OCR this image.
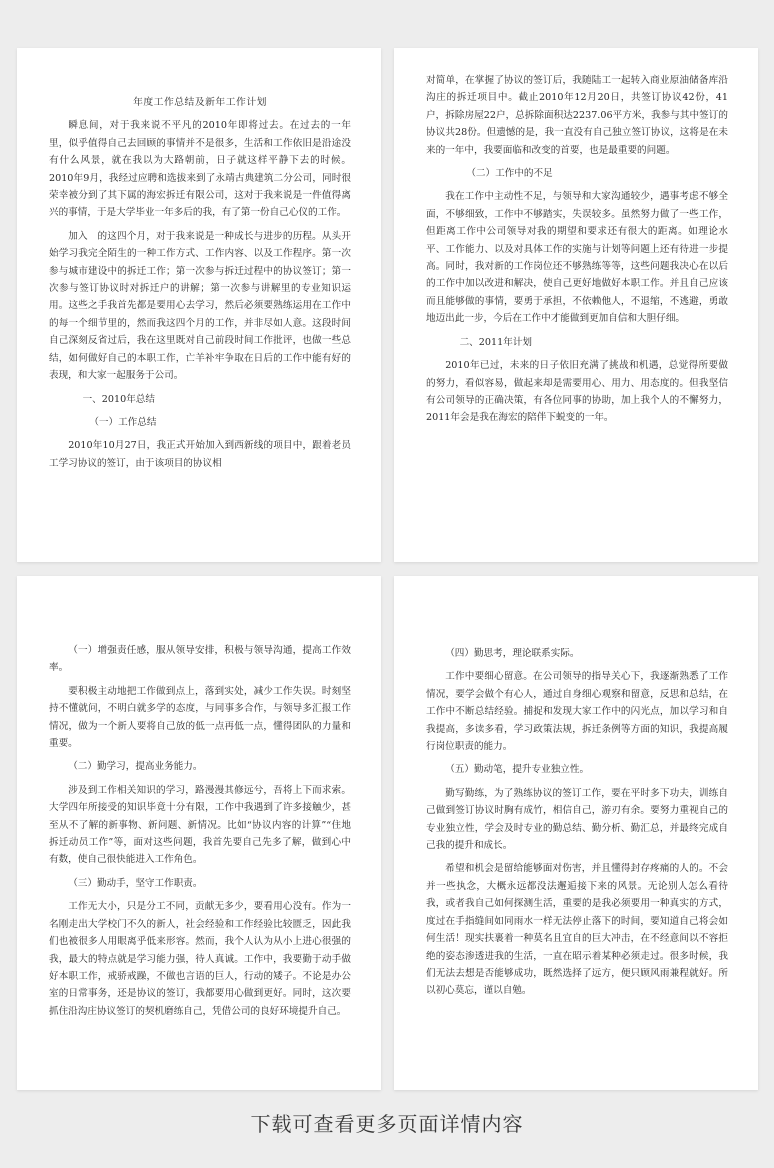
年度工作总结及新年工作计划

瞬息间，对于我来说不平凡的2010年即将过去。在过去的一年里，似乎值得自己去回顾的事情并不是很多，生活和工作依旧是沿途没有什么风景，就在我以为大路朝前，日子就这样平静下去的时候。2010年9月，我经过应聘和选拔来到了永靖古典建筑二分公司，同时很荣幸被分到了其下属的海宏拆迁有限公司，这对于我来说是一件值得离兴的事情，于是大学毕业一年多后的我，有了第一份自己心仪的工作。

加入　的这四个月，对于我来说是一种成长与进步的历程。从头开始学习我完全陌生的一种工作方式、工作内容、以及工作程序。第一次参与城市建设中的拆迁工作；第一次参与拆迁过程中的协议签订；第一次参与签订协议时对拆迁户的讲解；第一次参与讲解里的专业知识运用。这些之手我首先都是要用心去学习，然后必须要熟练运用在工作中的每一个细节里的，然而我这四个月的工作，并非尽如人意。这段时间自己深刻反省过后，我在这里既对自己前段时间工作批评，也做一些总结，如何做好自己的本职工作，亡羊补牢争取在日后的工作中能有好的表现，和大家一起服务于公司。

一、2010年总结
（一）工作总结

2010年10月27日，我正式开始加入到西新线的项目中，跟着老员工学习协议的签订，由于该项目的协议相

对简单，在掌握了协议的签订后，我随陆工一起转入商业原油储备库沿沟庄的拆迁项目中。截止2010年12月20日，共签订协议42份，41户，拆除房屋22户，总拆除面积达2237.06平方米，我参与其中签订的协议共28份。但遗憾的是，我一直没有自己独立签订协议，这将是在未来的一年中，我要面临和改变的首要，也是最重要的问题。

（二）工作中的不足

我在工作中主动性不足，与领导和大家沟通较少，遇事考虑不够全面，不够细致，工作中不够踏实，失误较多。虽然努力做了一些工作，但距离工作中公司领导对我的期望和要求还有很大的距离。如理论水平、工作能力、以及对具体工作的实施与计划等问题上还有待进一步提高。同时，我对新的工作岗位还不够熟练等等，这些问题我决心在以后的工作中加以改进和解决，使自己更好地做好本职工作。并且自己应该而且能够做的事情，要勇于承担，不依赖他人，不退缩，不逃避，勇敢地迈出此一步，今后在工作中才能做到更加自信和大胆仔细。

二、2011年计划

2010年已过，未来的日子依旧充满了挑战和机遇，总觉得所要做的努力，看似容易，做起来却是需要用心、用力、用态度的。但我坚信有公司领导的正确决策，有各位同事的协助，加上我个人的不懈努力，2011年会是我在海宏的陪伴下蜕变的一年。

（一）增强责任感，服从领导安排，积极与领导沟通，提高工作效率。

要积极主动地把工作做到点上，落到实处，减少工作失误。时刻坚持不懂就问，不明白就多学的态度，与同事多合作，与领导多汇报工作情况，做为一个新人要将自己放的低一点再低一点，懂得团队的力量和重要。

（二）勤学习，提高业务能力。

涉及到工作相关知识的学习，路漫漫其修远兮，吾将上下而求索。大学四年所接受的知识毕竟十分有限，工作中我遇到了许多接触少，甚至从不了解的新事物、新问题、新情况。比如“协议内容的计算”“住地拆迁动员工作”等，面对这些问题，我首先要自己先多了解，做到心中有数，使自己很快能进入工作角色。

（三）勤动手，坚守工作职责。

工作无大小，只是分工不同，贡献无多少，要看用心没有。作为一名刚走出大学校门不久的新人，社会经验和工作经验比较匮乏，因此我们也被很多人用眼离乎低来形容。然而，我个人认为从小上进心很强的我，最大的特点就是学习能力强，待人真诚。工作中，我要勤于动手做好本职工作，戒骄戒躁，不做也言语的巨人，行动的矮子。不论是办公室的日常事务，还是协议的签订，我都要用心做到更好。同时，这次要抓住沿沟庄协议签订的契机磨练自己，凭借公司的良好环境提升自己。

（四）勤思考，理论联系实际。

工作中要细心留意。在公司领导的指导关心下，我逐渐熟悉了工作情况，要学会做个有心人，通过自身细心观察和留意，反思和总结，在工作中不断总结经验。捕捉和发现大家工作中的闪光点，加以学习和自我提高，多读多看，学习政策法规，拆迁条例等方面的知识，我提高履行岗位职责的能力。

（五）勤动笔，提升专业独立性。

勤写勤练，为了熟练协议的签订工作，要在平时多下功夫，训练自己做到签订协议时胸有成竹，相信自己，游刃有余。要努力重视自己的专业独立性，学会及时专业的勤总结、勤分析、勤汇总，并最终完成自己我的提升和成长。

希望和机会是留给能够面对伤害，并且懂得封存疼痛的人的。不会并一些执念，大概永远都没法邂逅接下来的风景。无论别人怎么看待我，或者我自己如何探测生活，重要的是我必须要用一种真实的方式，度过在手指缝间如同雨水一样无法停止落下的时间，要知道自己将会如何生活！现实扶裹着一种莫名且宜自的巨大冲击，在不经意间以不容拒绝的姿态渗透进我的生活，一直在昭示着某种必须走过。很多时候，我们无法去想是否能够成功，既然选择了远方，便只顾风雨兼程就好。所以初心莫忘，谨以自勉。

下载可查看更多页面详情内容
